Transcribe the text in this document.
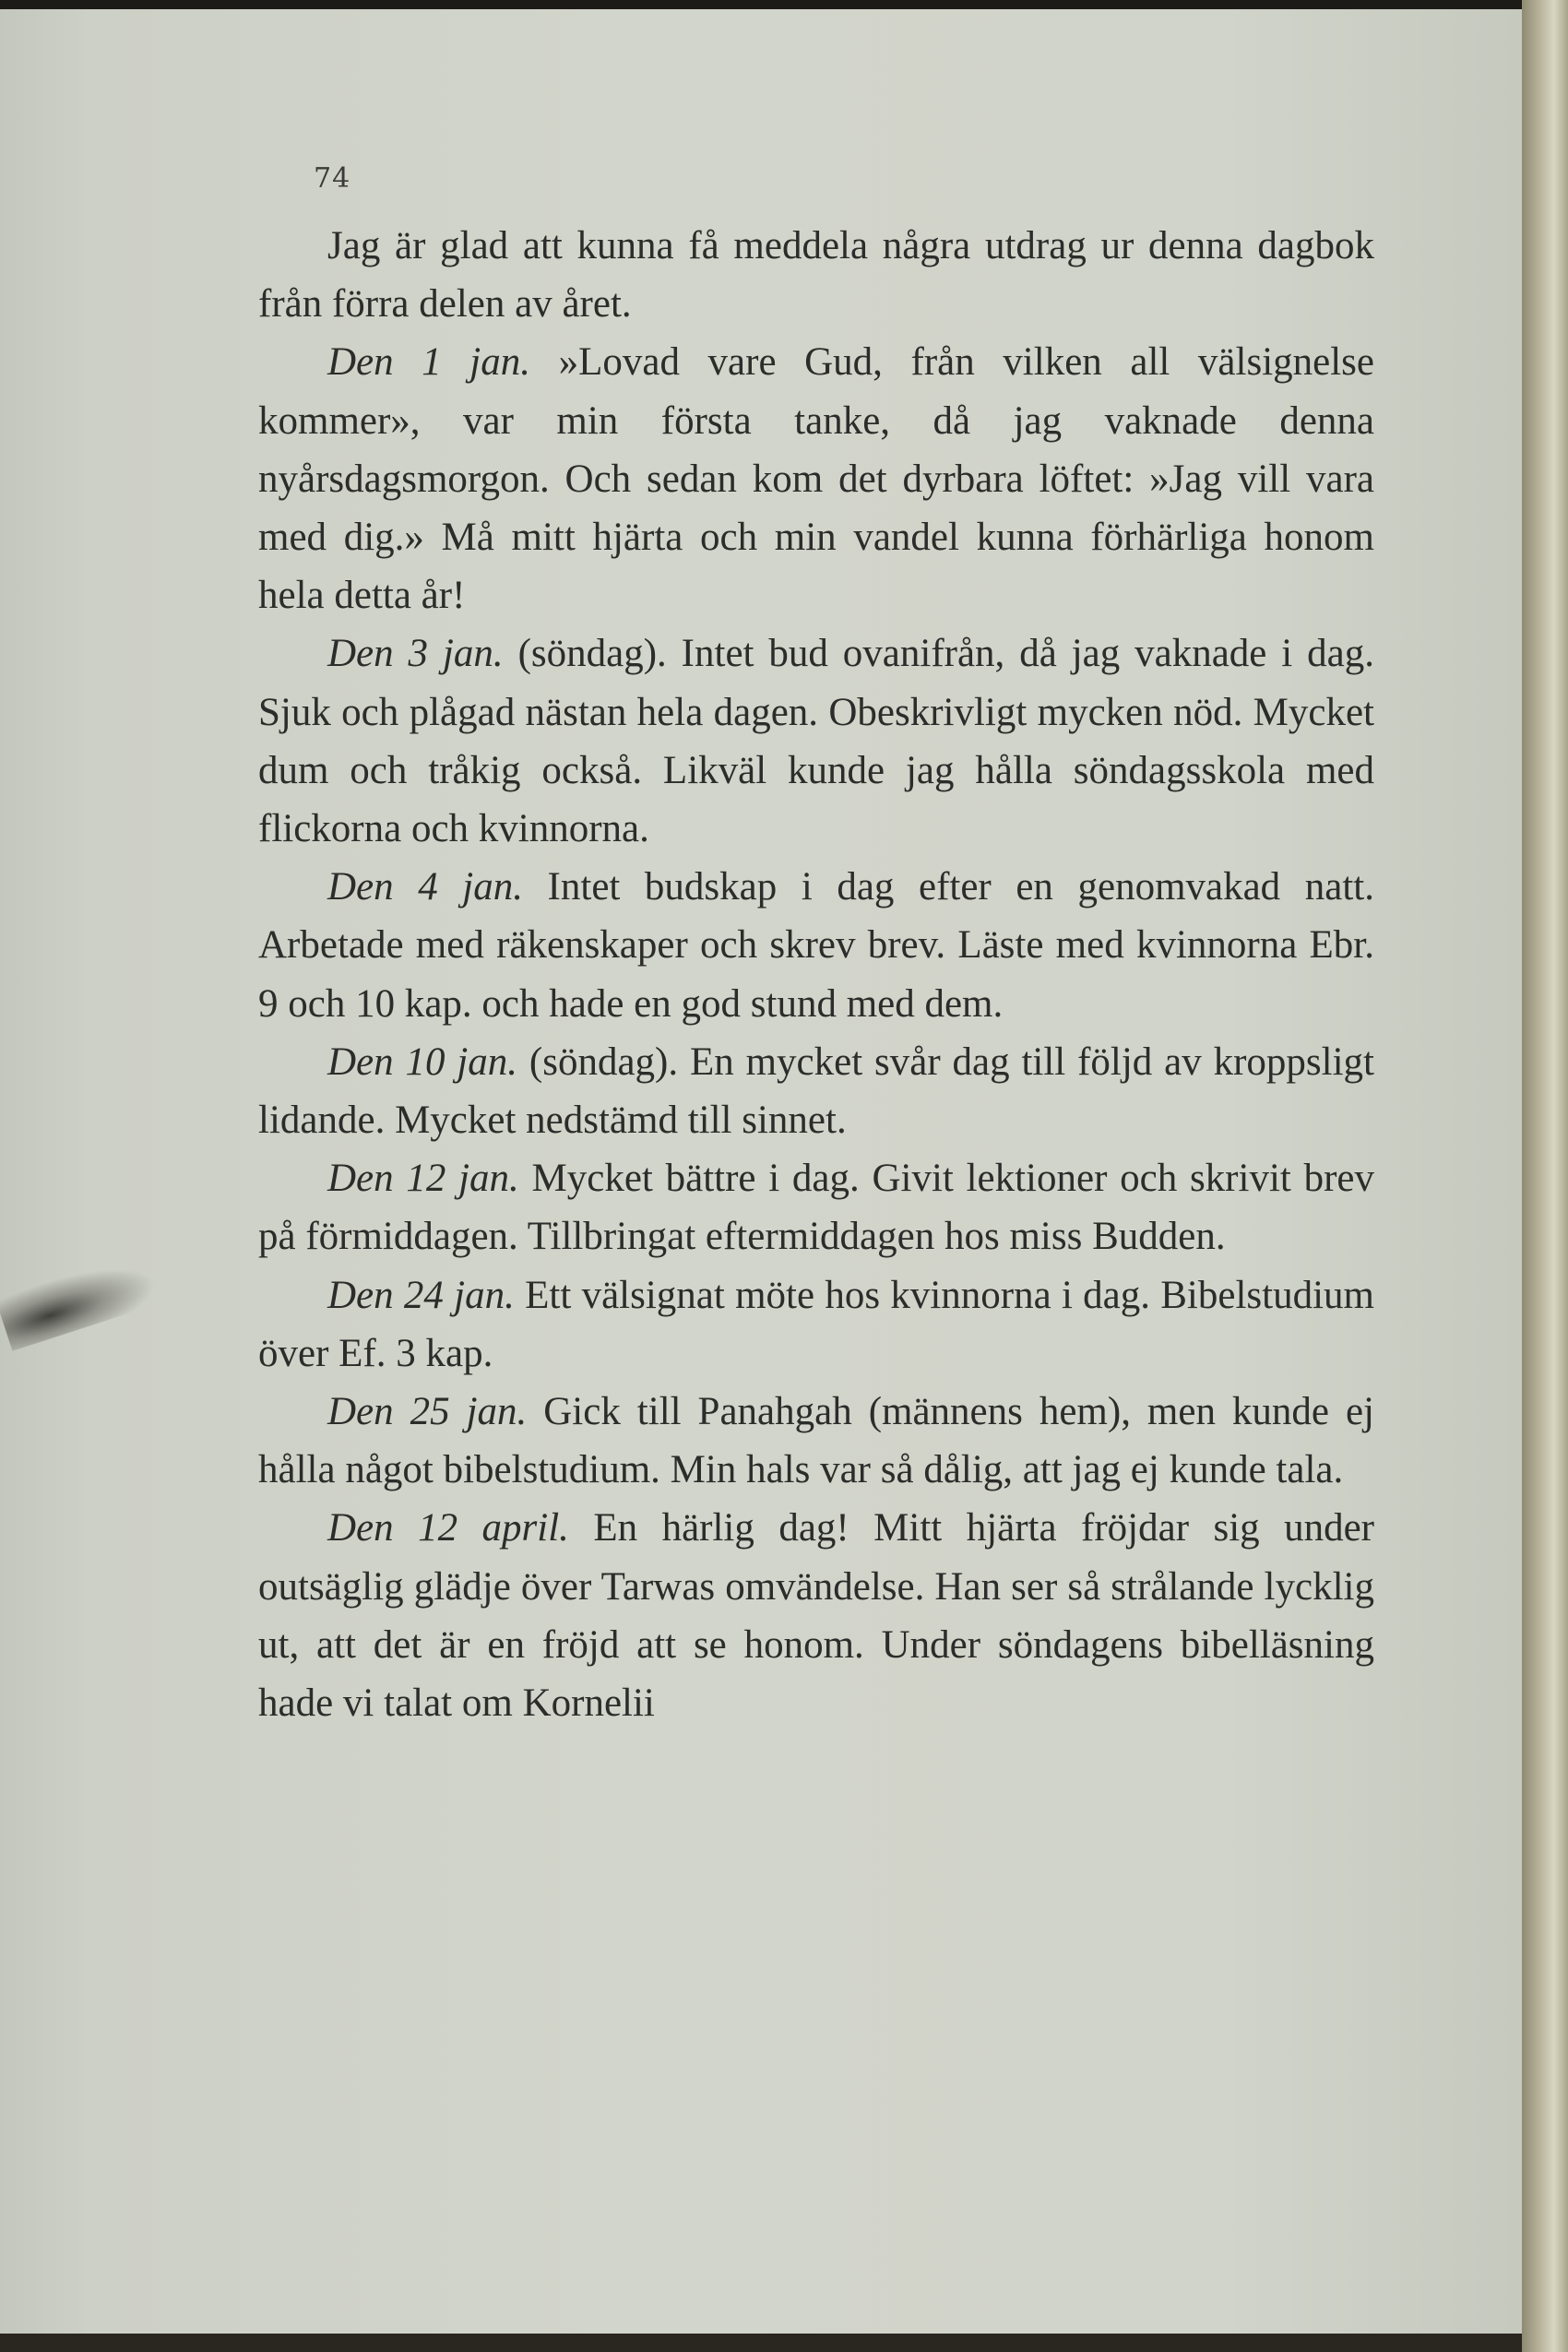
74

Jag är glad att kunna få meddela några utdrag ur denna dagbok från förra delen av året.

Den 1 jan. »Lovad vare Gud, från vilken all välsignelse kommer», var min första tanke, då jag vaknade denna nyårsdagsmorgon. Och sedan kom det dyrbara löftet: »Jag vill vara med dig.» Må mitt hjärta och min vandel kunna förhärliga honom hela detta år!

Den 3 jan. (söndag). Intet bud ovanifrån, då jag vaknade i dag. Sjuk och plågad nästan hela dagen. Obeskrivligt mycken nöd. Mycket dum och tråkig också. Likväl kunde jag hålla söndagsskola med flickorna och kvinnorna.

Den 4 jan. Intet budskap i dag efter en genomvakad natt. Arbetade med räkenskaper och skrev brev. Läste med kvinnorna Ebr. 9 och 10 kap. och hade en god stund med dem.

Den 10 jan. (söndag). En mycket svår dag till följd av kroppsligt lidande. Mycket nedstämd till sinnet.

Den 12 jan. Mycket bättre i dag. Givit lektioner och skrivit brev på förmiddagen. Tillbringat eftermiddagen hos miss Budden.

Den 24 jan. Ett välsignat möte hos kvinnorna i dag. Bibelstudium över Ef. 3 kap.

Den 25 jan. Gick till Panahgah (männens hem), men kunde ej hålla något bibelstudium. Min hals var så dålig, att jag ej kunde tala.

Den 12 april. En härlig dag! Mitt hjärta fröjdar sig under outsäglig glädje över Tarwas omvändelse. Han ser så strålande lycklig ut, att det är en fröjd att se honom. Under söndagens bibelläsning hade vi talat om Kornelii
